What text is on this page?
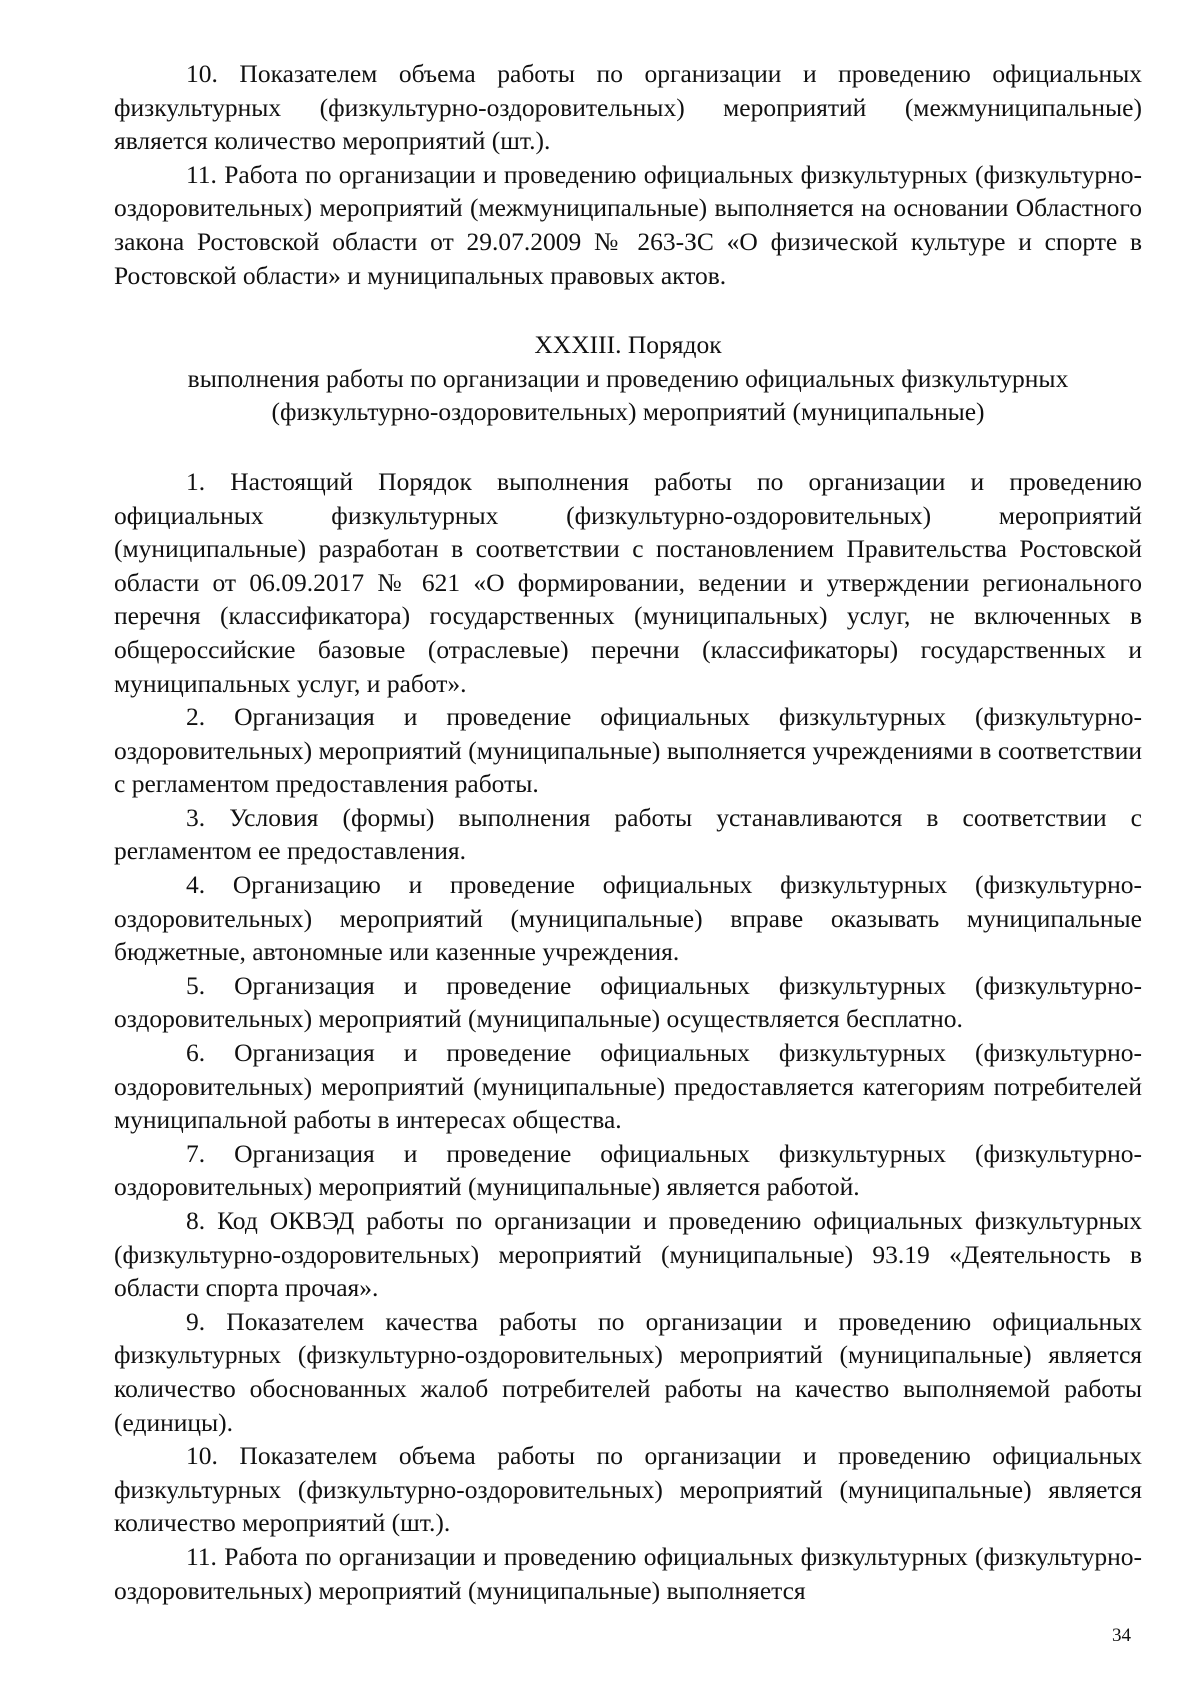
10. Показателем объема работы по организации и проведению официальных физкультурных (физкультурно-оздоровительных) мероприятий (межмуниципальные) является количество мероприятий (шт.).

11. Работа по организации и проведению официальных физкультурных (физкультурно-оздоровительных) мероприятий (межмуниципальные) выполняется на основании Областного закона Ростовской области от 29.07.2009 № 263-ЗС «О физической культуре и спорте в Ростовской области» и муниципальных правовых актов.

XXXIII. Порядок
выполнения работы по организации и проведению официальных физкультурных
(физкультурно-оздоровительных) мероприятий (муниципальные)

1. Настоящий Порядок выполнения работы по организации и проведению официальных физкультурных (физкультурно-оздоровительных) мероприятий (муниципальные) разработан в соответствии с постановлением Правительства Ростовской области от 06.09.2017 № 621 «О формировании, ведении и утверждении регионального перечня (классификатора) государственных (муниципальных) услуг, не включенных в общероссийские базовые (отраслевые) перечни (классификаторы) государственных и муниципальных услуг, и работ».

2. Организация и проведение официальных физкультурных (физкультурно-оздоровительных) мероприятий (муниципальные) выполняется учреждениями в соответствии с регламентом предоставления работы.

3. Условия (формы) выполнения работы устанавливаются в соответствии с регламентом ее предоставления.

4. Организацию и проведение официальных физкультурных (физкультурно-оздоровительных) мероприятий (муниципальные) вправе оказывать муниципальные бюджетные, автономные или казенные учреждения.

5. Организация и проведение официальных физкультурных (физкультурно-оздоровительных) мероприятий (муниципальные) осуществляется бесплатно.

6. Организация и проведение официальных физкультурных (физкультурно-оздоровительных) мероприятий (муниципальные) предоставляется категориям потребителей муниципальной работы в интересах общества.

7. Организация и проведение официальных физкультурных (физкультурно-оздоровительных) мероприятий (муниципальные) является работой.

8. Код ОКВЭД работы по организации и проведению официальных физкультурных (физкультурно-оздоровительных) мероприятий (муниципальные) 93.19 «Деятельность в области спорта прочая».

9. Показателем качества работы по организации и проведению официальных физкультурных (физкультурно-оздоровительных) мероприятий (муниципальные) является количество обоснованных жалоб потребителей работы на качество выполняемой работы (единицы).

10. Показателем объема работы по организации и проведению официальных физкультурных (физкультурно-оздоровительных) мероприятий (муниципальные) является количество мероприятий (шт.).

11. Работа по организации и проведению официальных физкультурных (физкультурно-оздоровительных) мероприятий (муниципальные) выполняется

34
